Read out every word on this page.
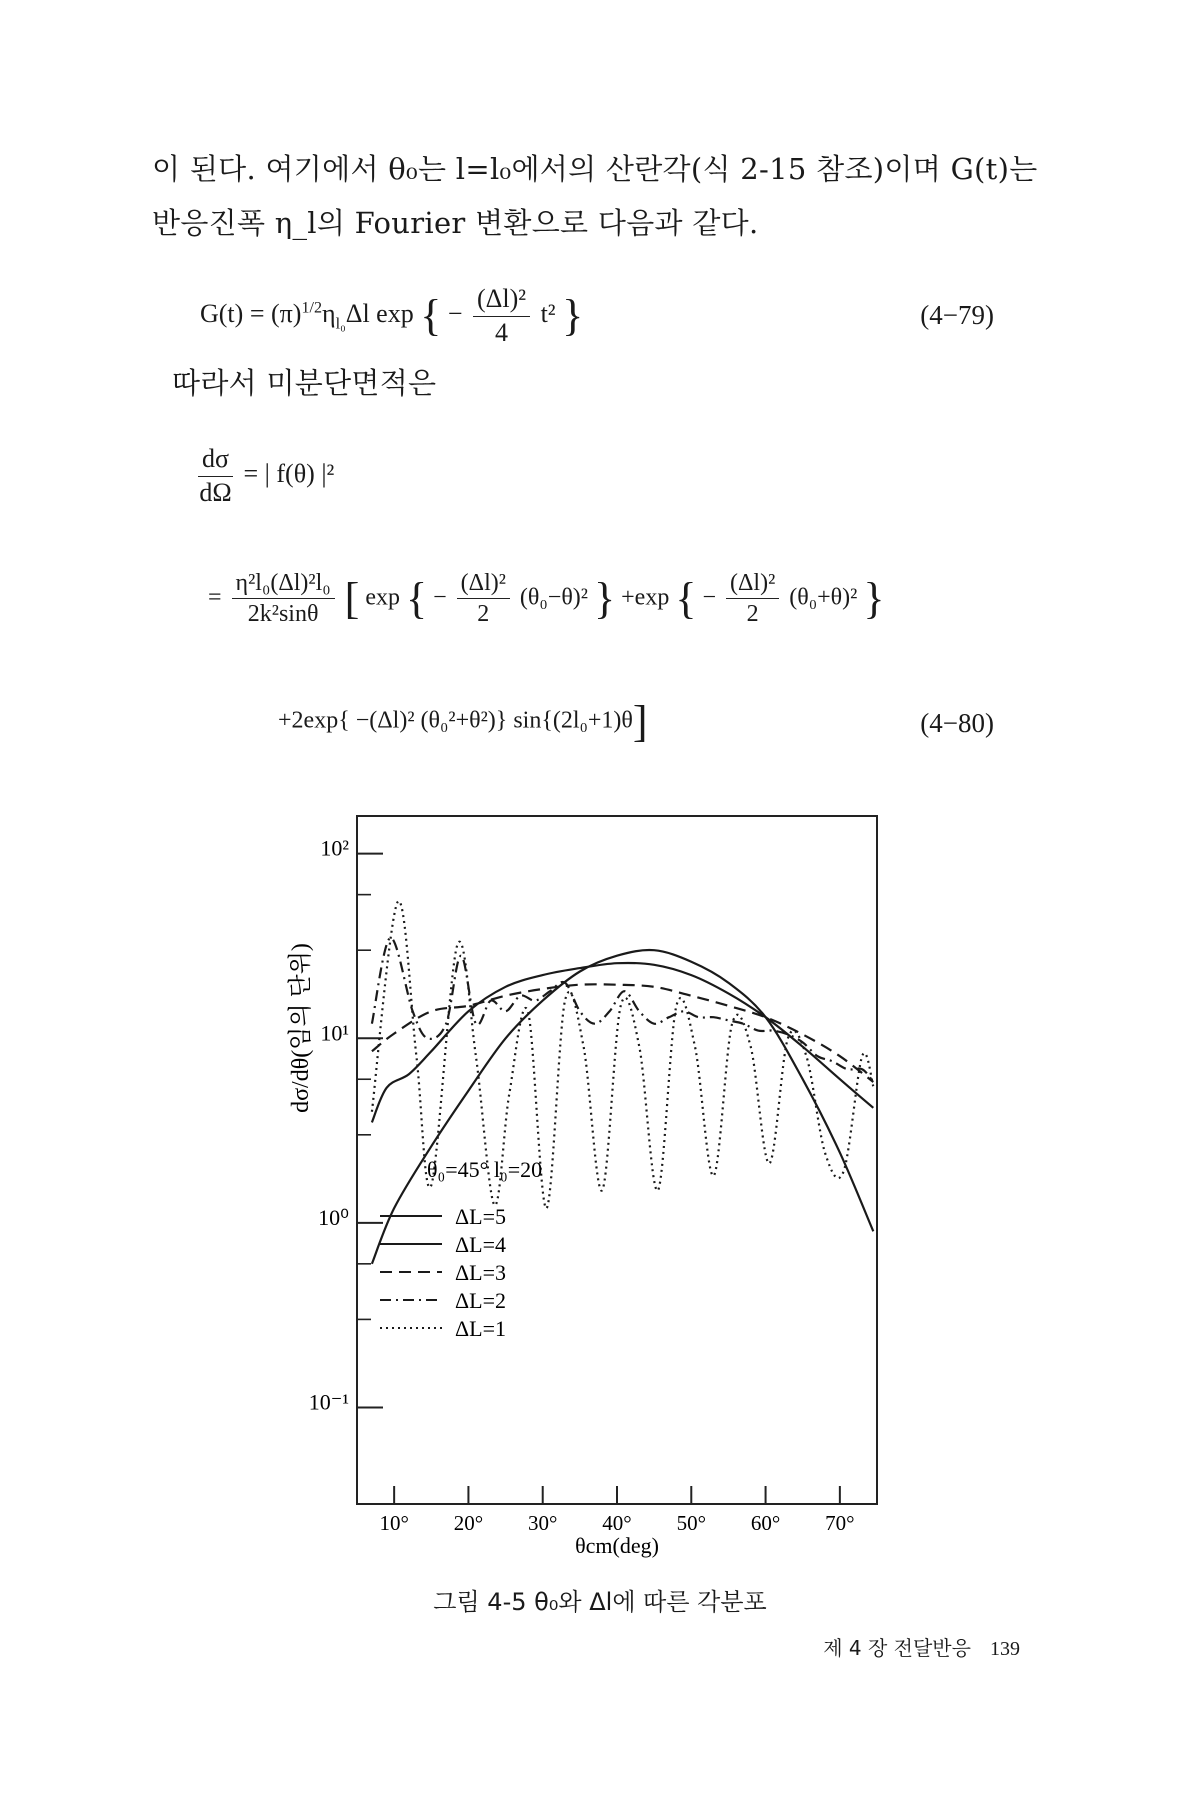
이 된다. 여기에서 θ₀는 l=l₀에서의 산란각(식 2-15 참조)이며 G(t)는
반응진폭 η_l의 Fourier 변환으로 다음과 같다.
$G(t) = (\pi)^{1/2}\eta_{l_0}\Delta l$ exp { − $\frac{\text{(Δl)²}}{4} t^2$ }	(4−79)
따라서 미분단면적은
$\frac{d\sigma}{d\Omega}$ = | f(θ) |²
= $\frac{\text{η²l₀(Δl)²l₀}}{\text{2k²sinθ}}$ [ exp { − $\frac{\text{(Δl)²}}{2} (\theta_0-\theta)^2$ } +exp { − $\frac{\text{(Δl)²}}{2} (\theta_0+\theta)^2$ }
+2exp{ −(Δl)² (θ₀²+θ²)} sin{(2l₀+1)θ]	(4−80)
10²
10¹
10⁰
10⁻¹
10° 20° 30° 40° 50° 60° 70°
dσ/dθ(임의 단위)
θ₀=45° l₀=20
ΔL=5
ΔL=4
ΔL=3
ΔL=2
ΔL=1
θcm(deg)
그림 4-5 θ₀와 Δl에 따른 각분포
제 4 장 전달반응 139
